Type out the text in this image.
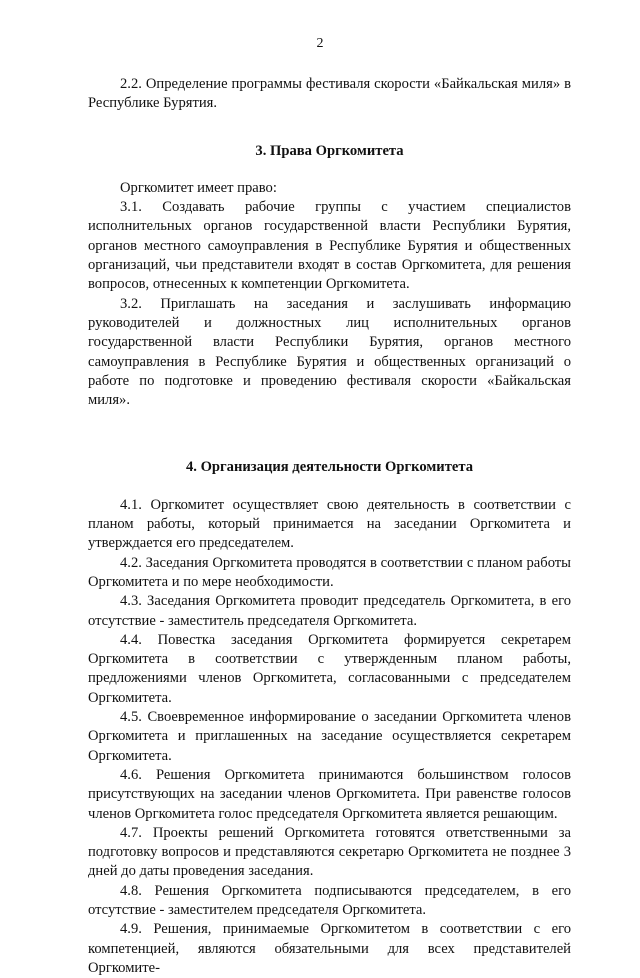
2

2.2. Определение программы фестиваля скорости «Байкальская миля» в Республике Бурятия.

3. Права Оргкомитета

Оргкомитет имеет право:

3.1. Создавать рабочие группы с участием специалистов исполнительных органов государственной власти Республики Бурятия, органов местного самоуправления в Республике Бурятия и общественных организаций, чьи представители входят в состав Оргкомитета, для решения вопросов, отнесенных к компетенции Оргкомитета.

3.2. Приглашать на заседания и заслушивать информацию руководителей и должностных лиц исполнительных органов государственной власти Республики Бурятия, органов местного самоуправления в Республике Бурятия и общественных организаций о работе по подготовке и проведению фестиваля скорости «Байкальская миля».

4. Организация деятельности Оргкомитета

4.1. Оргкомитет осуществляет свою деятельность в соответствии с планом работы, который принимается на заседании Оргкомитета и утверждается его председателем.

4.2. Заседания Оргкомитета проводятся в соответствии с планом работы Оргкомитета и по мере необходимости.

4.3. Заседания Оргкомитета проводит председатель Оргкомитета, в его отсутствие - заместитель председателя Оргкомитета.

4.4. Повестка заседания Оргкомитета формируется секретарем Оргкомитета в соответствии с утвержденным планом работы, предложениями членов Оргкомитета, согласованными с председателем Оргкомитета.

4.5. Своевременное информирование о заседании Оргкомитета членов Оргкомитета и приглашенных на заседание осуществляется секретарем Оргкомитета.

4.6. Решения Оргкомитета принимаются большинством голосов присутствующих на заседании членов Оргкомитета. При равенстве голосов членов Оргкомитета голос председателя Оргкомитета является решающим.

4.7. Проекты решений Оргкомитета готовятся ответственными за подготовку вопросов и представляются секретарю Оргкомитета не позднее 3 дней до даты проведения заседания.

4.8. Решения Оргкомитета подписываются председателем, в его отсутствие - заместителем председателя Оргкомитета.

4.9. Решения, принимаемые Оргкомитетом в соответствии с его компетенцией, являются обязательными для всех представителей Оргкомите-
